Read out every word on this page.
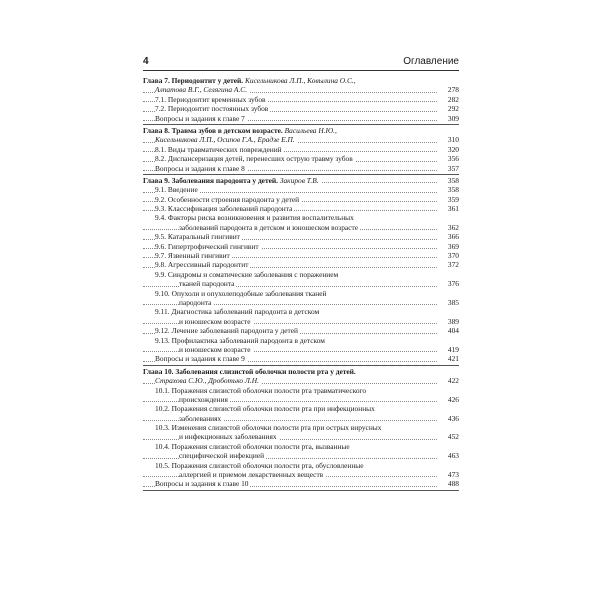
4	Оглавление
Глава 7. Периодонтит у детей. Кисельникова Л.П., Ковылина О.С.,
Алпатова В.Г., Селягина А.С.	278
7.1. Периодонтит временных зубов	282
7.2. Периодонтит постоянных зубов	292
Вопросы и задания к главе 7	309
Глава 8. Травма зубов в детском возрасте. Васильева Н.Ю.,
Кисельникова Л.П., Осипов Г.А., Ерадзе Е.П.	310
8.1. Виды травматических повреждений	320
8.2. Диспансеризация детей, перенесших острую травму зубов	356
Вопросы и задания к главе 8	357
Глава 9. Заболевания пародонта у детей. Закиров Т.В.	358
9.1. Введение	358
9.2. Особенности строения пародонта у детей	359
9.3. Классификация заболеваний пародонта	361
9.4. Факторы риска возникновения и развития воспалительных
заболеваний пародонта в детском и юношеском возрасте	362
9.5. Катаральный гингивит	366
9.6. Гипертрофический гингивит	369
9.7. Язвенный гингивит	370
9.8. Агрессивный пародонтит	372
9.9. Синдромы и соматические заболевания с поражением
тканей пародонта	376
9.10. Опухоли и опухолеподобные заболевания тканей
пародонта	385
9.11. Диагностика заболеваний пародонта в детском
и юношеском возрасте	389
9.12. Лечение заболеваний пародонта у детей	404
9.13. Профилактика заболеваний пародонта в детском
и юношеском возрасте	419
Вопросы и задания к главе 9	421
Глава 10. Заболевания слизистой оболочки полости рта у детей.
Страхова С.Ю., Дроботько Л.Н.	422
10.1. Поражения слизистой оболочки полости рта травматического
происхождения	426
10.2. Поражения слизистой оболочки полости рта при инфекционных
заболеваниях	436
10.3. Изменения слизистой оболочки полости рта при острых вирусных
и инфекционных заболеваниях	452
10.4. Поражения слизистой оболочки полости рта, вызванные
специфической инфекцией	463
10.5. Поражения слизистой оболочки полости рта, обусловленные
аллергией и приемом лекарственных веществ	473
Вопросы и задания к главе 10	488
